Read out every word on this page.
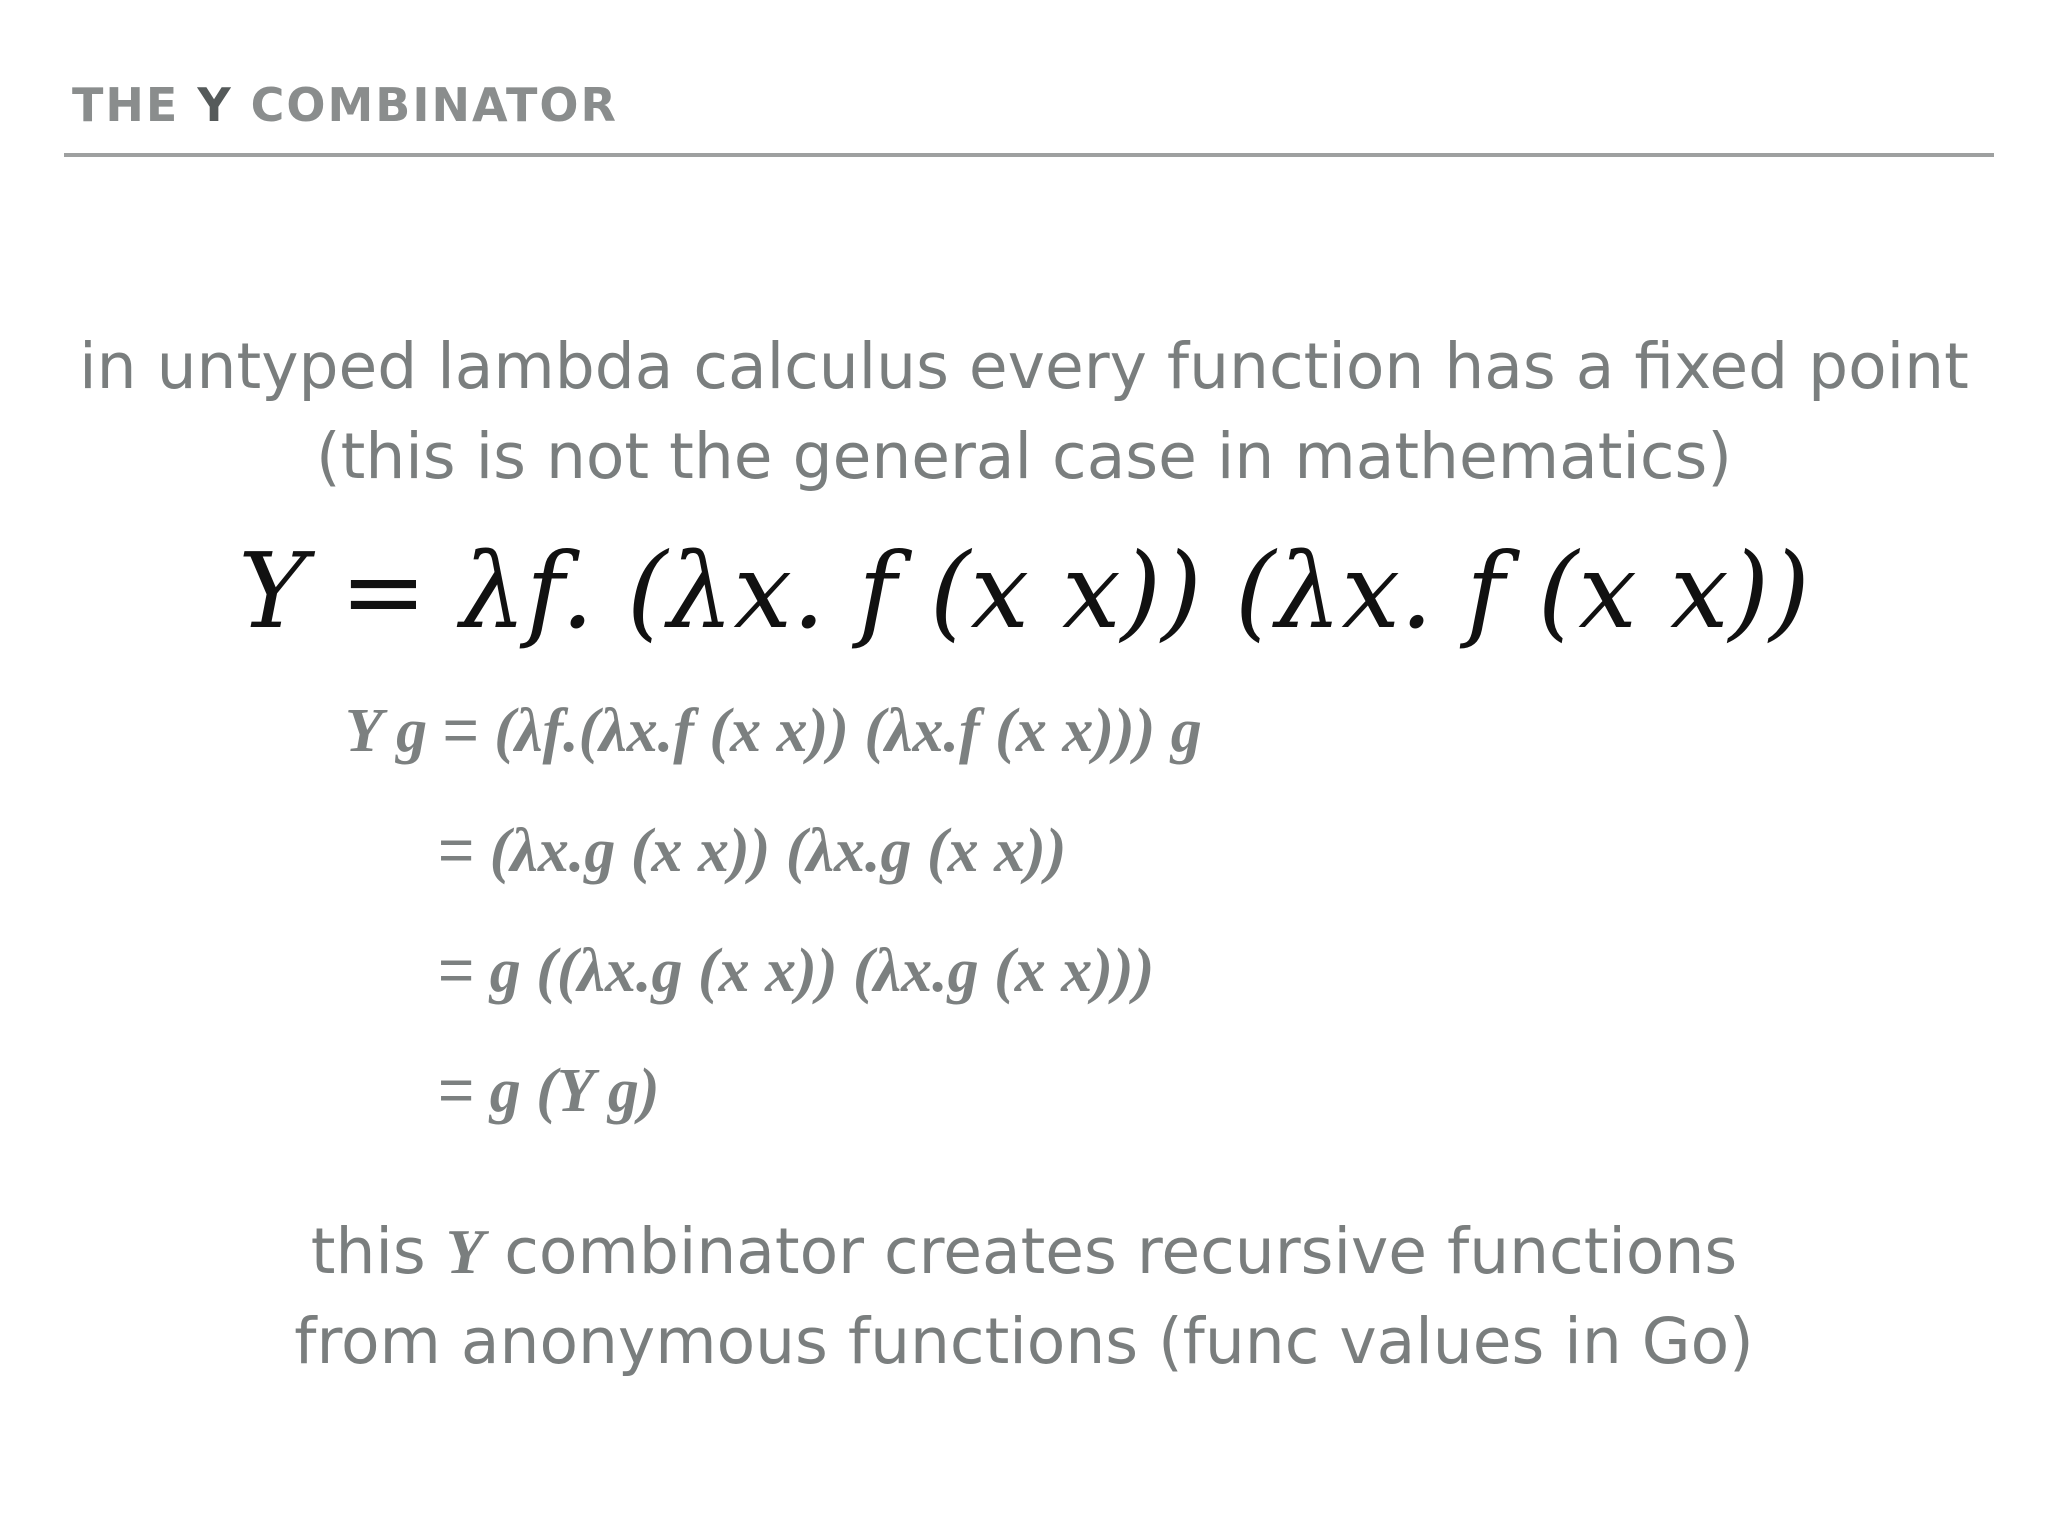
THE Y COMBINATOR
in untyped lambda calculus every function has a fixed point
(this is not the general case in mathematics)
Y = λf. (λx. f (x x)) (λx. f (x x))
Y g = (λf.(λx.f (x x)) (λx.f (x x))) g
= (λx.g (x x)) (λx.g (x x))
= g ((λx.g (x x)) (λx.g (x x)))
= g (Y g)
this Y combinator creates recursive functions
from anonymous functions (func values in Go)
